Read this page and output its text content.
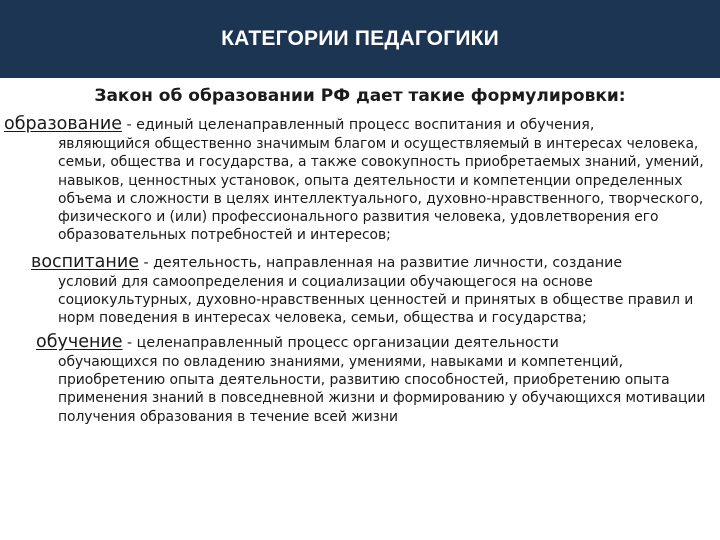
КАТЕГОРИИ ПЕДАГОГИКИ
Закон об образовании РФ дает такие формулировки:
образование - единый целенаправленный процесс воспитания и обучения,
являющийся общественно значимым благом и осуществляемый в интересах человека, семьи, общества и государства, а также совокупность приобретаемых знаний, умений, навыков, ценностных установок, опыта деятельности и компетенции определенных объема и сложности в целях интеллектуального, духовно-нравственного, творческого, физического и (или) профессионального развития человека, удовлетворения его образовательных потребностей и интересов;
воспитание - деятельность, направленная на развитие личности, создание
условий для самоопределения и социализации обучающегося на основе социокультурных, духовно-нравственных ценностей и принятых в обществе правил и норм поведения в интересах человека, семьи, общества и государства;
обучение - целенаправленный процесс организации деятельности
обучающихся по овладению знаниями, умениями, навыками и компетенций, приобретению опыта деятельности, развитию способностей, приобретению опыта применения знаний в повседневной жизни и формированию у обучающихся мотивации получения образования в течение всей жизни
